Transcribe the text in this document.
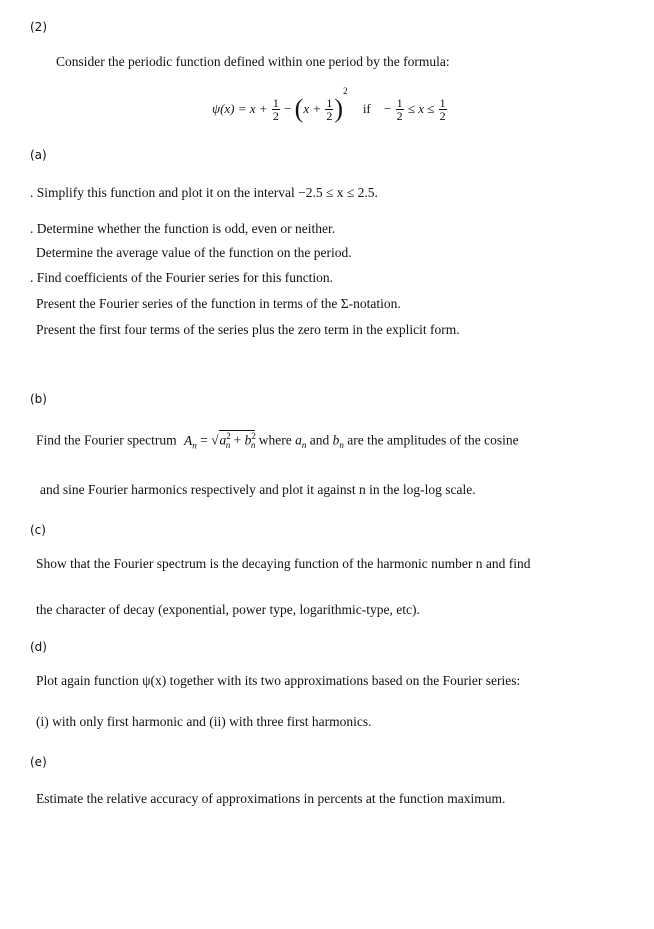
(2)
Consider the periodic function defined within one period by the formula:
$\psi(x) = x + \frac{1}{2} - (x + \frac{1}{2} )^2$ if − $\frac{1}{2} \le x \le \frac{1}{2}$
(a)
. Simplify this function and plot it on the interval −2.5 ≤ x ≤ 2.5.
. Determine whether the function is odd, even or neither.
Determine the average value of the function on the period.
. Find coefficients of the Fourier series for this function.
Present the Fourier series of the function in terms of the Σ-notation.
Present the first four terms of the series plus the zero term in the explicit form.
(b)
Find the Fourier spectrum $A_n = √a^2_n + b^2_n$ where $a_n$ and $b_n$ are the amplitudes of the cosine
and sine Fourier harmonics respectively and plot it against n in the log-log scale.
(c)
Show that the Fourier spectrum is the decaying function of the harmonic number n and find
the character of decay (exponential, power type, logarithmic-type, etc).
(d)
Plot again function ψ(x) together with its two approximations based on the Fourier series:
(i) with only first harmonic and (ii) with three first harmonics.
(e)
Estimate the relative accuracy of approximations in percents at the function maximum.
